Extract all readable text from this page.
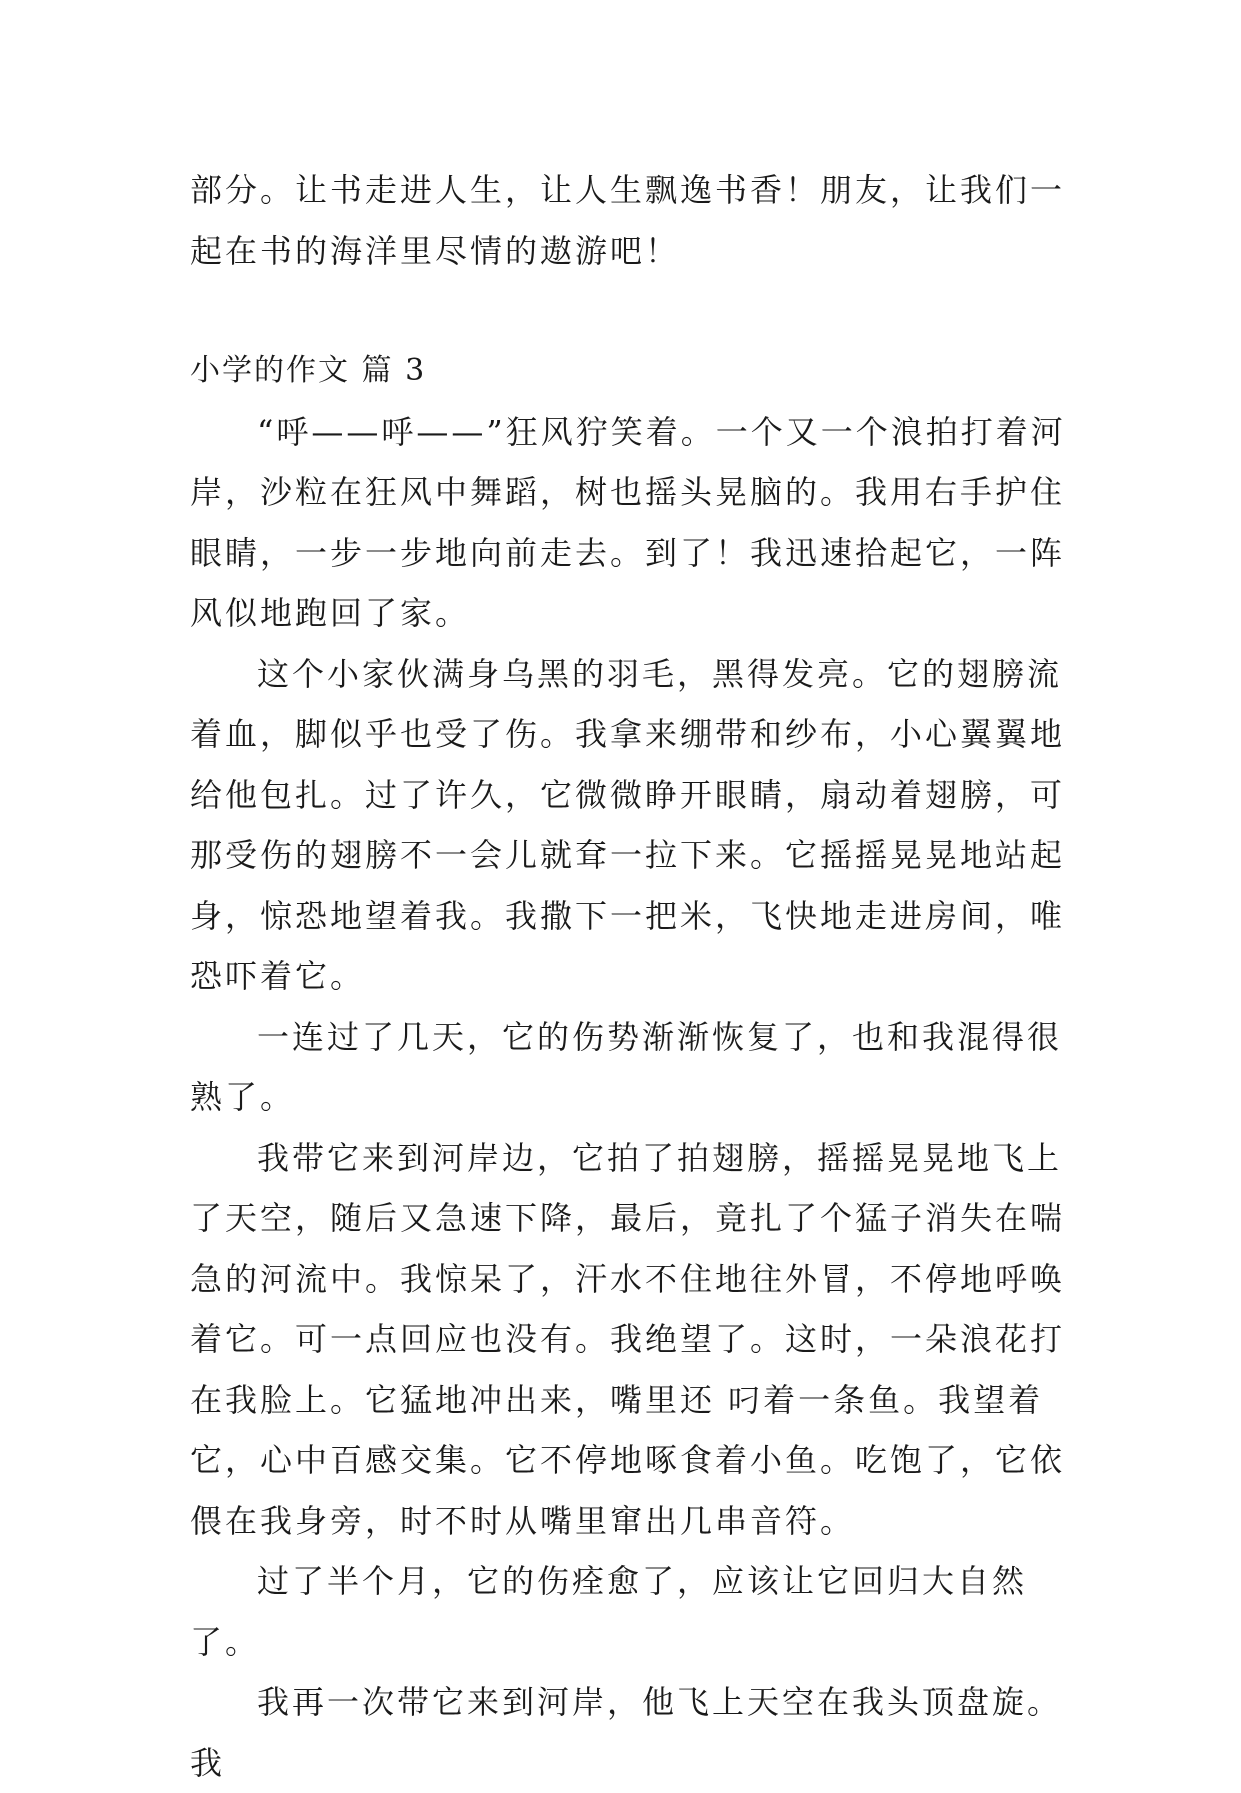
部分。让书走进人生，让人生飘逸书香！朋友，让我们一起在书的海洋里尽情的遨游吧！

小学的作文 篇 3

“呼——呼——”狂风狞笑着。一个又一个浪拍打着河岸，沙粒在狂风中舞蹈，树也摇头晃脑的。我用右手护住眼睛，一步一步地向前走去。到了！我迅速拾起它，一阵风似地跑回了家。

这个小家伙满身乌黑的羽毛，黑得发亮。它的翅膀流着血，脚似乎也受了伤。我拿来绷带和纱布，小心翼翼地给他包扎。过了许久，它微微睁开眼睛，扇动着翅膀，可那受伤的翅膀不一会儿就耷一拉下来。它摇摇晃晃地站起身，惊恐地望着我。我撒下一把米，飞快地走进房间，唯恐吓着它。

一连过了几天，它的伤势渐渐恢复了，也和我混得很熟了。

我带它来到河岸边，它拍了拍翅膀，摇摇晃晃地飞上了天空，随后又急速下降，最后，竟扎了个猛子消失在喘急的河流中。我惊呆了，汗水不住地往外冒，不停地呼唤着它。可一点回应也没有。我绝望了。这时，一朵浪花打在我脸上。它猛地冲出来，嘴里还 叼着一条鱼。我望着它，心中百感交集。它不停地啄食着小鱼。吃饱了，它依偎在我身旁，时不时从嘴里窜出几串音符。

过了半个月，它的伤痊愈了，应该让它回归大自然了。

我再一次带它来到河岸，他飞上天空在我头顶盘旋。我
